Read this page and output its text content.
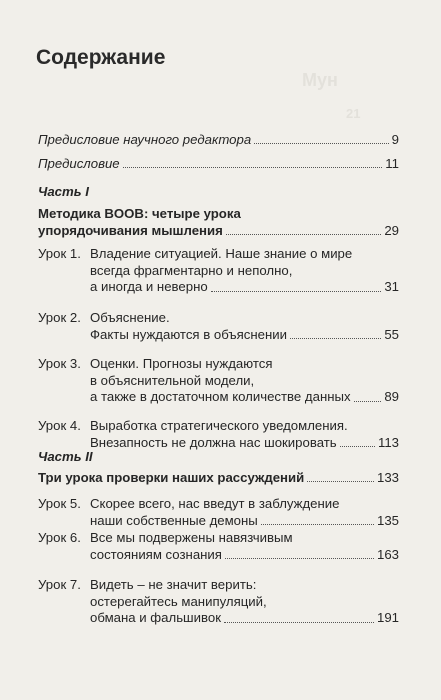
Мун
21
Содержание
Предисловие научного редактора	9
Предисловие	11
Часть I
Методика BOOB: четыре урока
упорядочивания мышления	29
Урок 1. Владение ситуацией. Наше знание о мире
всегда фрагментарно и неполно,
а иногда и неверно	31
Урок 2. Объяснение.
Факты нуждаются в объяснении	55
Урок 3. Оценки. Прогнозы нуждаются
в объяснительной модели,
а также в достаточном количестве данных	89
Урок 4. Выработка стратегического уведомления.
Внезапность не должна нас шокировать	113
Часть II
Три урока проверки наших рассуждений	133
Урок 5. Скорее всего, нас введут в заблуждение
наши собственные демоны	135
Урок 6. Все мы подвержены навязчивым
состояниям сознания	163
Урок 7. Видеть – не значит верить:
остерегайтесь манипуляций,
обмана и фальшивок	191
